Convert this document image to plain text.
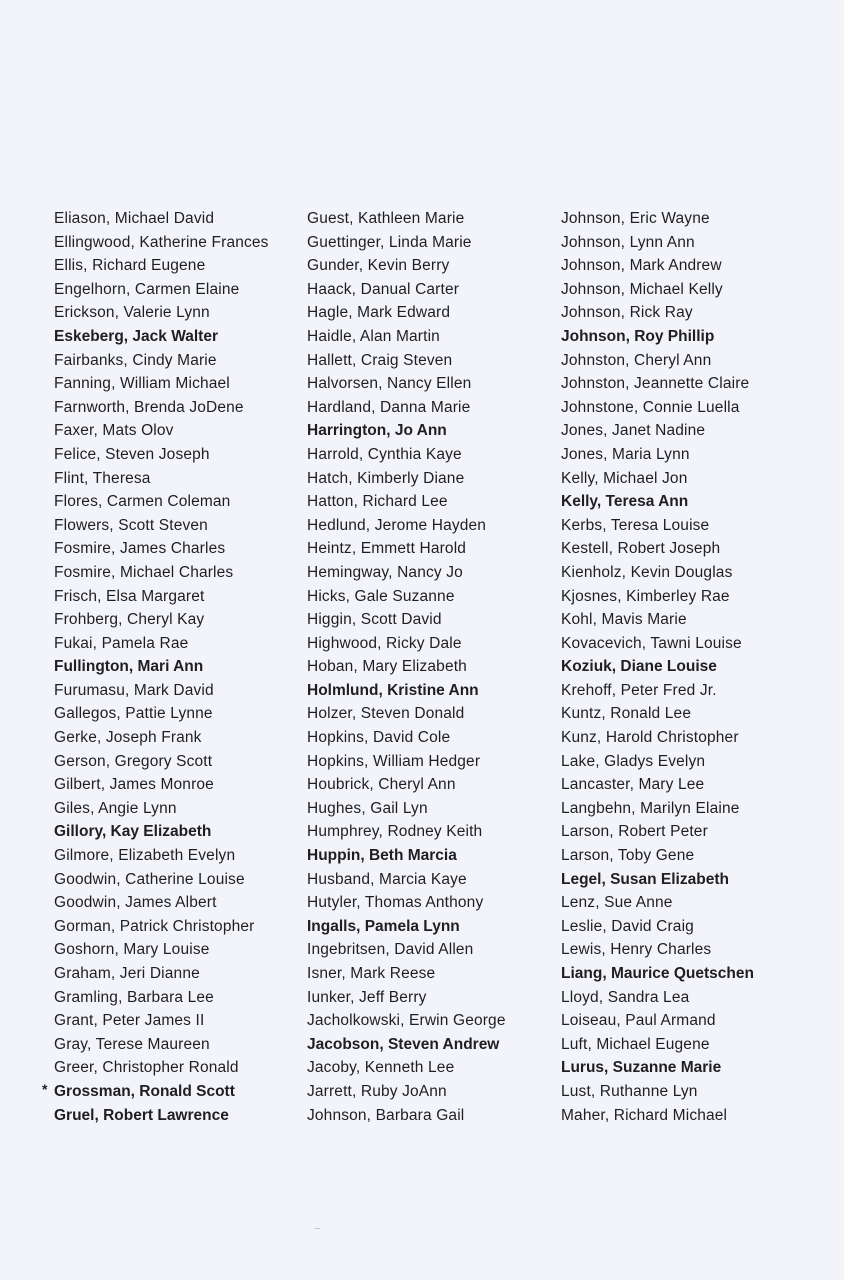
Eliason, Michael David
Ellingwood, Katherine Frances
Ellis, Richard Eugene
Engelhorn, Carmen Elaine
Erickson, Valerie Lynn
Eskeberg, Jack Walter
Fairbanks, Cindy Marie
Fanning, William Michael
Farnworth, Brenda JoDene
Faxer, Mats Olov
Felice, Steven Joseph
Flint, Theresa
Flores, Carmen Coleman
Flowers, Scott Steven
Fosmire, James Charles
Fosmire, Michael Charles
Frisch, Elsa Margaret
Frohberg, Cheryl Kay
Fukai, Pamela Rae
Fullington, Mari Ann
Furumasu, Mark David
Gallegos, Pattie Lynne
Gerke, Joseph Frank
Gerson, Gregory Scott
Gilbert, James Monroe
Giles, Angie Lynn
Gillory, Kay Elizabeth
Gilmore, Elizabeth Evelyn
Goodwin, Catherine Louise
Goodwin, James Albert
Gorman, Patrick Christopher
Goshorn, Mary Louise
Graham, Jeri Dianne
Gramling, Barbara Lee
Grant, Peter James II
Gray, Terese Maureen
Greer, Christopher Ronald
* Grossman, Ronald Scott
Gruel, Robert Lawrence
Guest, Kathleen Marie
Guettinger, Linda Marie
Gunder, Kevin Berry
Haack, Danual Carter
Hagle, Mark Edward
Haidle, Alan Martin
Hallett, Craig Steven
Halvorsen, Nancy Ellen
Hardland, Danna Marie
Harrington, Jo Ann
Harrold, Cynthia Kaye
Hatch, Kimberly Diane
Hatton, Richard Lee
Hedlund, Jerome Hayden
Heintz, Emmett Harold
Hemingway, Nancy Jo
Hicks, Gale Suzanne
Higgin, Scott David
Highwood, Ricky Dale
Hoban, Mary Elizabeth
Holmlund, Kristine Ann
Holzer, Steven Donald
Hopkins, David Cole
Hopkins, William Hedger
Houbrick, Cheryl Ann
Hughes, Gail Lyn
Humphrey, Rodney Keith
Huppin, Beth Marcia
Husband, Marcia Kaye
Hutyler, Thomas Anthony
Ingalls, Pamela Lynn
Ingebritsen, David Allen
Isner, Mark Reese
Iunker, Jeff Berry
Jacholkowski, Erwin George
Jacobson, Steven Andrew
Jacoby, Kenneth Lee
Jarrett, Ruby JoAnn
Johnson, Barbara Gail
Johnson, Eric Wayne
Johnson, Lynn Ann
Johnson, Mark Andrew
Johnson, Michael Kelly
Johnson, Rick Ray
Johnson, Roy Phillip
Johnston, Cheryl Ann
Johnston, Jeannette Claire
Johnstone, Connie Luella
Jones, Janet Nadine
Jones, Maria Lynn
Kelly, Michael Jon
Kelly, Teresa Ann
Kerbs, Teresa Louise
Kestell, Robert Joseph
Kienholz, Kevin Douglas
Kjosnes, Kimberley Rae
Kohl, Mavis Marie
Kovacevich, Tawni Louise
Koziuk, Diane Louise
Krehoff, Peter Fred Jr.
Kuntz, Ronald Lee
Kunz, Harold Christopher
Lake, Gladys Evelyn
Lancaster, Mary Lee
Langbehn, Marilyn Elaine
Larson, Robert Peter
Larson, Toby Gene
Legel, Susan Elizabeth
Lenz, Sue Anne
Leslie, David Craig
Lewis, Henry Charles
Liang, Maurice Quetschen
Lloyd, Sandra Lea
Loiseau, Paul Armand
Luft, Michael Eugene
Lurus, Suzanne Marie
Lust, Ruthanne Lyn
Maher, Richard Michael
